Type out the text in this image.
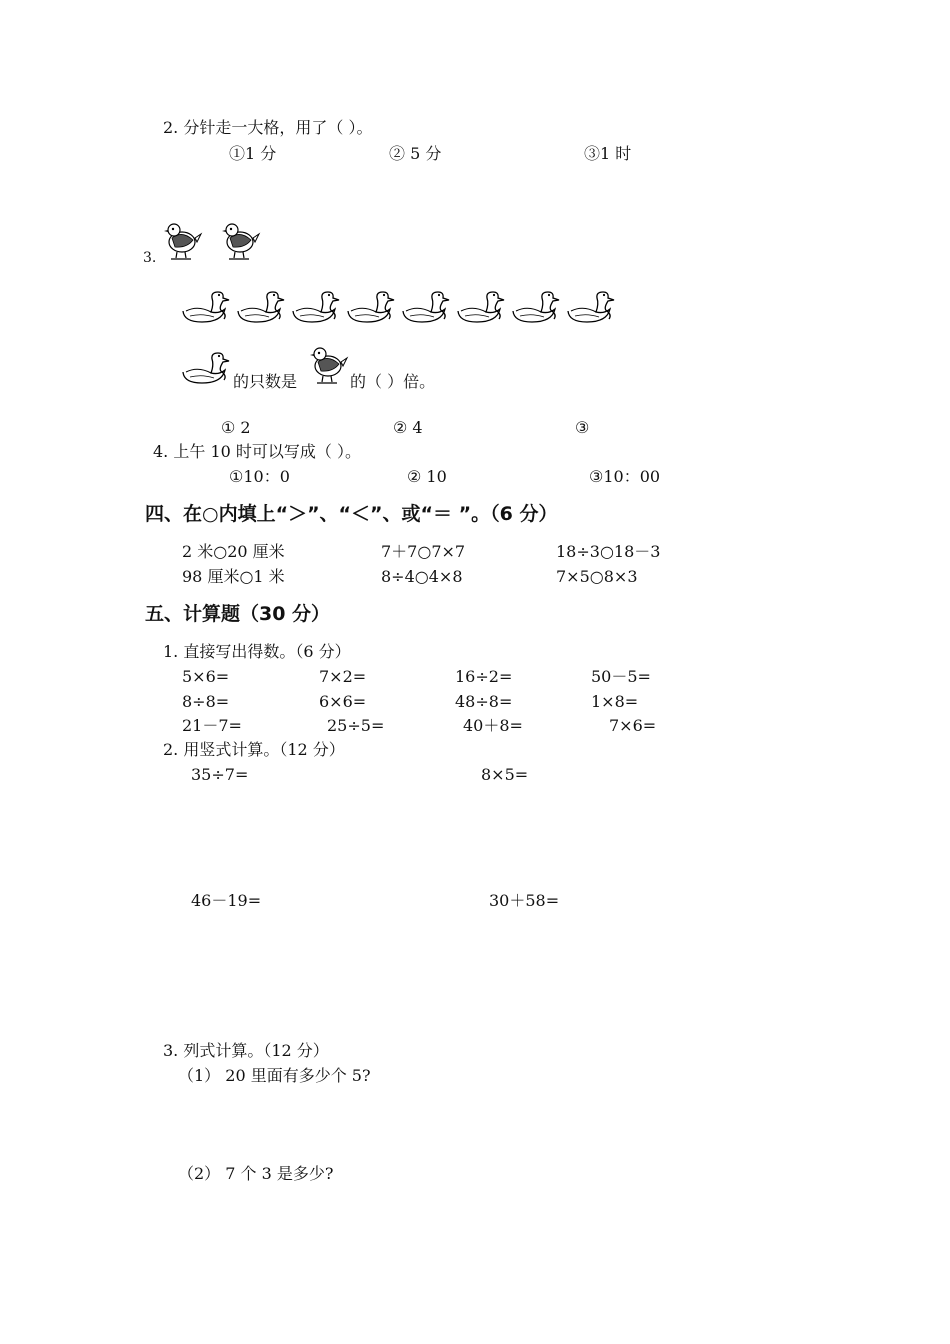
2. 分针走一大格，用了（ ）。
①1 分	② 5 分	③1 时
3.
的只数是	的（ ）倍。
① 2	② 4	③
4. 上午 10 时可以写成（ ）。
①10：0	② 10	③10：00
四、在○内填上“＞”、“＜”、或“＝ ”。（6 分）
2 米○20 厘米	7＋7○7×7	18÷3○18－3
98 厘米○1 米	8÷4○4×8	7×5○8×3
五、计算题（30 分）
1. 直接写出得数。（6 分）
5×6=	7×2=	16÷2=	50－5=
8÷8=	6×6=	48÷8=	1×8=
21－7=	25÷5=	40＋8=	7×6=
2. 用竖式计算。（12 分）
35÷7=	8×5=
46－19=	30＋58=
3. 列式计算。（12 分）
（1） 20 里面有多少个 5?
（2） 7 个 3 是多少?
